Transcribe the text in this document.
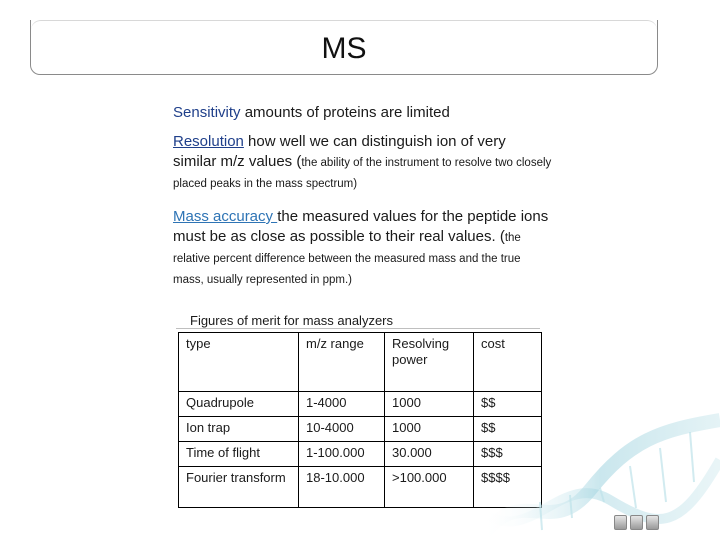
MS

Sensitivity amounts of proteins are limited

Resolution how well we can distinguish ion of very similar m/z values (the ability of the instrument to resolve two closely placed peaks in the mass spectrum)

Mass accuracy the measured values for the peptide ions must be as close as possible to their real values. (the relative percent difference between the measured mass and the true mass, usually represented in ppm.)

Figures of merit for mass analyzers
type	m/z range	Resolving power	cost
Quadrupole	1-4000	1000	$$
Ion trap	10-4000	1000	$$
Time of flight	1-100.000	30.000	$$$
Fourier transform	18-10.000	>100.000	$$$$
